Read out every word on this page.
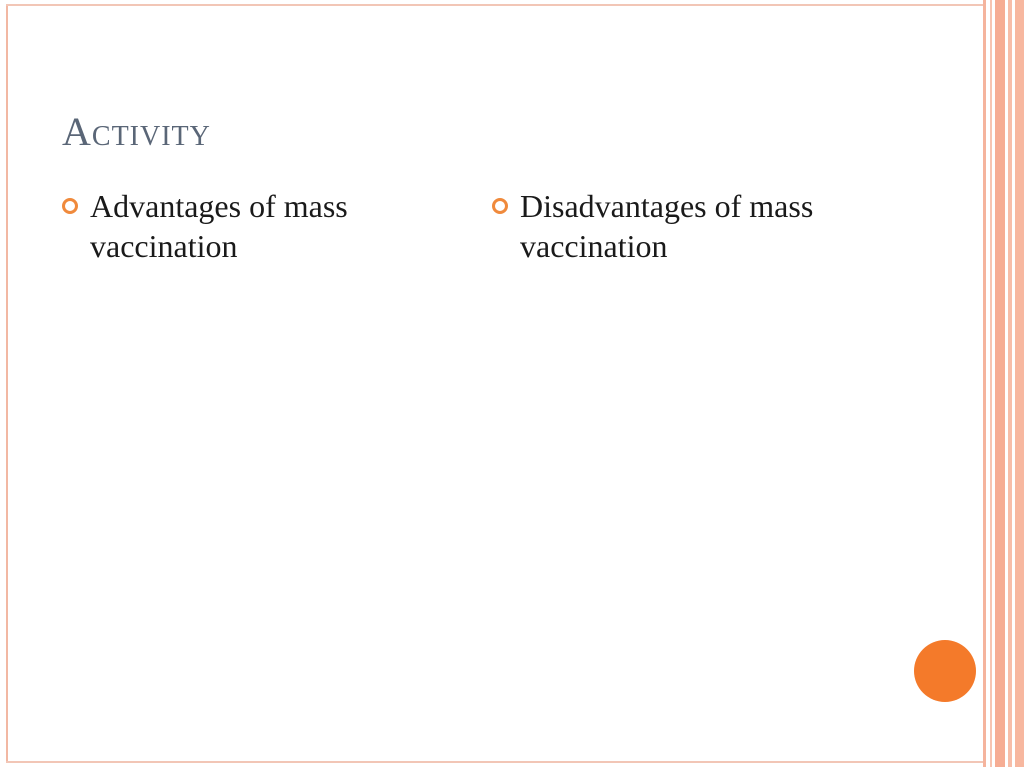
Activity
Advantages of mass vaccination
Disadvantages of mass vaccination
